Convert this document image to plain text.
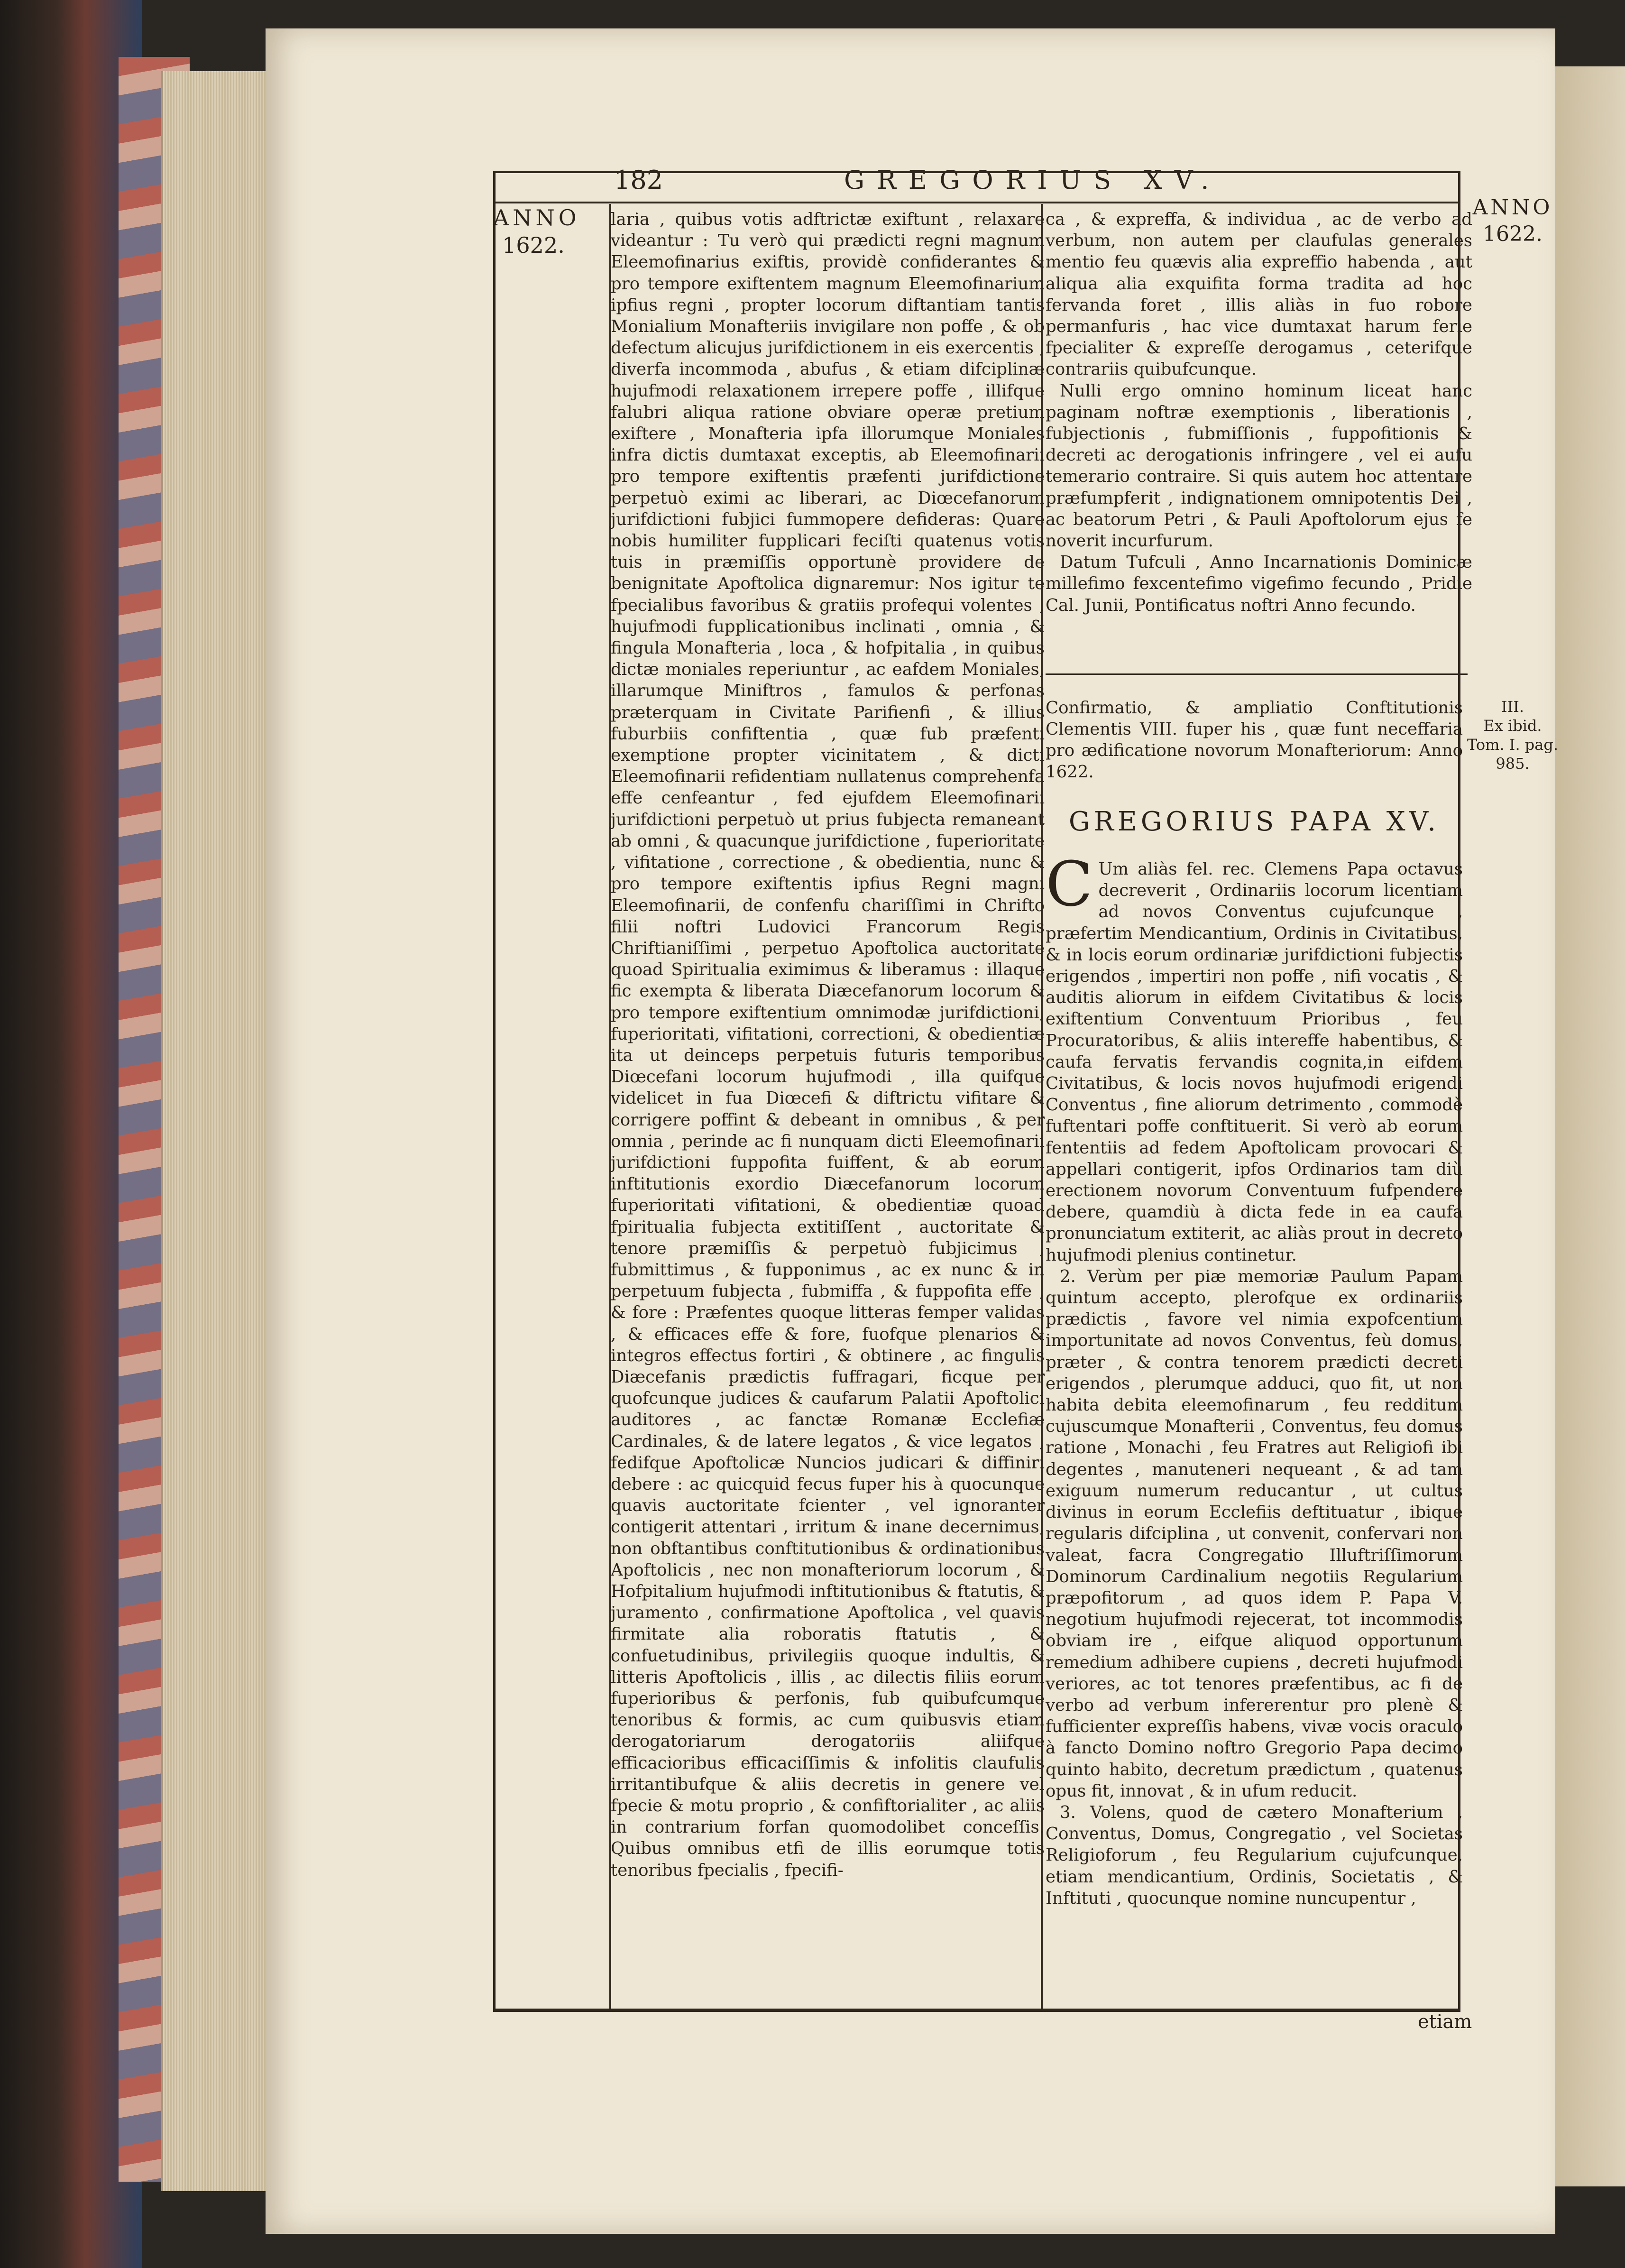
182	GREGORIUS XV.
ANNO
1622.
ANNO
1622.
III.
Ex ibid.
Tom. I. pag.
985.

laria , quibus votis adftrictæ exiftunt , relaxare videantur : Tu verò qui prædicti regni magnum Eleemofinarius exiftis, providè confiderantes & pro tempore exiftentem magnum Eleemofinarium ipfius regni , propter locorum diftantiam tantis Monialium Monafteriis invigilare non poffe , & ob defectum alicujus jurifdictionem in eis exercentis , diverfa incommoda , abufus , & etiam difciplinæ hujufmodi relaxationem irrepere poffe , illifque falubri aliqua ratione obviare operæ pretium exiftere , Monafteria ipfa illorumque Moniales infra dictis dumtaxat exceptis, ab Eleemofinarii pro tempore exiftentis præfenti jurifdictione perpetuò eximi ac liberari, ac Diœcefanorum jurifdictioni fubjici fummopere defideras: Quare nobis humiliter fupplicari feciſti quatenus votis tuis in præmiſſis opportunè providere de benignitate Apoftolica dignaremur: Nos igitur te fpecialibus favoribus & gratiis profequi volentes , hujufmodi fupplicationibus inclinati , omnia , & fingula Monafteria , loca , & hofpitalia , in quibus dictæ moniales reperiuntur , ac eafdem Moniales, illarumque Miniftros , famulos & perfonas præterquam in Civitate Parifienfi , & illius fuburbiis confiftentia , quæ fub præfenti exemptione propter vicinitatem , & dicti Eleemofinarii refidentiam nullatenus comprehenfa effe cenfeantur , fed ejufdem Eleemofinarii jurifdictioni perpetuò ut prius fubjecta remaneant ab omni , & quacunque jurifdictione , fuperioritate , vifitatione , correctione , & obedientia, nunc & pro tempore exiftentis ipfius Regni magni Eleemofinarii, de confenfu chariſſimi in Chrifto filii noftri Ludovici Francorum Regis Chriftianiſſimi , perpetuo Apoftolica auctoritate quoad Spiritualia eximimus & liberamus : illaque fic exempta & liberata Diæcefanorum locorum & pro tempore exiftentium omnimodæ jurifdictioni, fuperioritati, vifitationi, correctioni, & obedientiæ ita ut deinceps perpetuis futuris temporibus Diœcefani locorum hujufmodi , illa quifque videlicet in fua Diœcefi & diftrictu vifitare & corrigere poffint & debeant in omnibus , & per omnia , perinde ac fi nunquam dicti Eleemofinarii jurifdictioni fuppofita fuiffent, & ab eorum inftitutionis exordio Diæcefanorum locorum fuperioritati vifitationi, & obedientiæ quoad fpiritualia fubjecta extitiſſent , auctoritate & tenore præmiſſis & perpetuò fubjicimus , fubmittimus , & fupponimus , ac ex nunc & in perpetuum fubjecta , fubmiffa , & fuppofita effe , & fore : Præfentes quoque litteras femper validas , & efficaces effe & fore, fuofque plenarios & integros effectus fortiri , & obtinere , ac fingulis Diæcefanis prædictis fuffragari, ficque per quofcunque judices & caufarum Palatii Apoftolici auditores , ac fanctæ Romanæ Ecclefiæ Cardinales, & de latere legatos , & vice legatos , fedifque Apoftolicæ Nuncios judicari & diffiniri debere : ac quicquid fecus fuper his à quocunque quavis auctoritate fcienter , vel ignoranter contigerit attentari , irritum & inane decernimus, non obftantibus conftitutionibus & ordinationibus Apoftolicis , nec non monafteriorum locorum , & Hofpitalium hujufmodi inftitutionibus & ftatutis, & juramento , confirmatione Apoftolica , vel quavis firmitate alia roboratis ftatutis , & confuetudinibus, privilegiis quoque indultis, & litteris Apoftolicis , illis , ac dilectis filiis eorum fuperioribus & perfonis, fub quibufcumque tenoribus & formis, ac cum quibusvis etiam derogatoriarum derogatoriis aliifque efficacioribus efficaciſſimis & infolitis claufulis irritantibufque & aliis decretis in genere vel fpecie & motu proprio , & confiftorialiter , ac aliis in contrarium forfan quomodolibet conceſſis. Quibus omnibus etfi de illis eorumque totis tenoribus fpecialis , fpecifi-

ca , & expreffa, & individua , ac de verbo ad verbum, non autem per claufulas generales mentio feu quævis alia expreffio habenda , aut aliqua alia exquifita forma tradita ad hoc fervanda foret , illis aliàs in fuo robore permanfuris , hac vice dumtaxat harum ferie fpecialiter & expreſſe derogamus , ceterifque contrariis quibufcunque.

Nulli ergo omnino hominum liceat hanc paginam noftræ exemptionis , liberationis , fubjectionis , fubmiſſionis , fuppofitionis & decreti ac derogationis infringere , vel ei aufu temerario contraire. Si quis autem hoc attentare præfumpferit , indignationem omnipotentis Dei , ac beatorum Petri , & Pauli Apoftolorum ejus fe noverit incurfurum.

Datum Tufculi , Anno Incarnationis Dominicæ millefimo fexcentefimo vigefimo fecundo , Pridie Cal. Junii, Pontificatus noftri Anno fecundo.

Confirmatio, & ampliatio Conftitutionis Clementis VIII. fuper his , quæ funt neceffaria pro ædificatione novorum Monafteriorum: Anno 1622.
GREGORIUS PAPA XV.

C Um aliàs fel. rec. Clemens Papa octavus decreverit , Ordinariis locorum licentiam ad novos Conventus cujufcunque , præfertim Mendicantium, Ordinis in Civitatibus, & in locis eorum ordinariæ jurifdictioni fubjectis erigendos , impertiri non poffe , nifi vocatis , & auditis aliorum in eifdem Civitatibus & locis exiftentium Conventuum Prioribus , feu Procuratoribus, & aliis intereffe habentibus, & caufa fervatis fervandis cognita,in eifdem Civitatibus, & locis novos hujufmodi erigendi Conventus , fine aliorum detrimento , commodè fuftentari poffe conftituerit. Si verò ab eorum fententiis ad fedem Apoftolicam provocari & appellari contigerit, ipfos Ordinarios tam diù erectionem novorum Conventuum fufpendere debere, quamdiù à dicta fede in ea caufa pronunciatum extiterit, ac aliàs prout in decreto hujufmodi plenius continetur.

2. Verùm per piæ memoriæ Paulum Papam quintum accepto, plerofque ex ordinariis prædictis , favore vel nimia expofcentium importunitate ad novos Conventus, feù domus, præter , & contra tenorem prædicti decreti erigendos , plerumque adduci, quo fit, ut non habita debita eleemofinarum , feu redditum cujuscumque Monafterii , Conventus, feu domus ratione , Monachi , feu Fratres aut Religiofi ibi degentes , manuteneri nequeant , & ad tam exiguum numerum reducantur , ut cultus divinus in eorum Ecclefiis deftituatur , ibique regularis difciplina , ut convenit, confervari non valeat, facra Congregatio Illuftriſſimorum Dominorum Cardinalium negotiis Regularium præpofitorum , ad quos idem P. Papa V. negotium hujufmodi rejecerat, tot incommodis obviam ire , eifque aliquod opportunum remedium adhibere cupiens , decreti hujufmodi veriores, ac tot tenores præfentibus, ac fi de verbo ad verbum infererentur pro plenè & fufficienter expreſſis habens, vivæ vocis oraculo à fancto Domino noftro Gregorio Papa decimo quinto habito, decretum prædictum , quatenus opus fit, innovat , & in ufum reducit.

3. Volens, quod de cætero Monafterium , Conventus, Domus, Congregatio , vel Societas Religioforum , feu Regularium cujufcunque, etiam mendicantium, Ordinis, Societatis , & Inftituti , quocunque nomine nuncupentur ,

etiam
